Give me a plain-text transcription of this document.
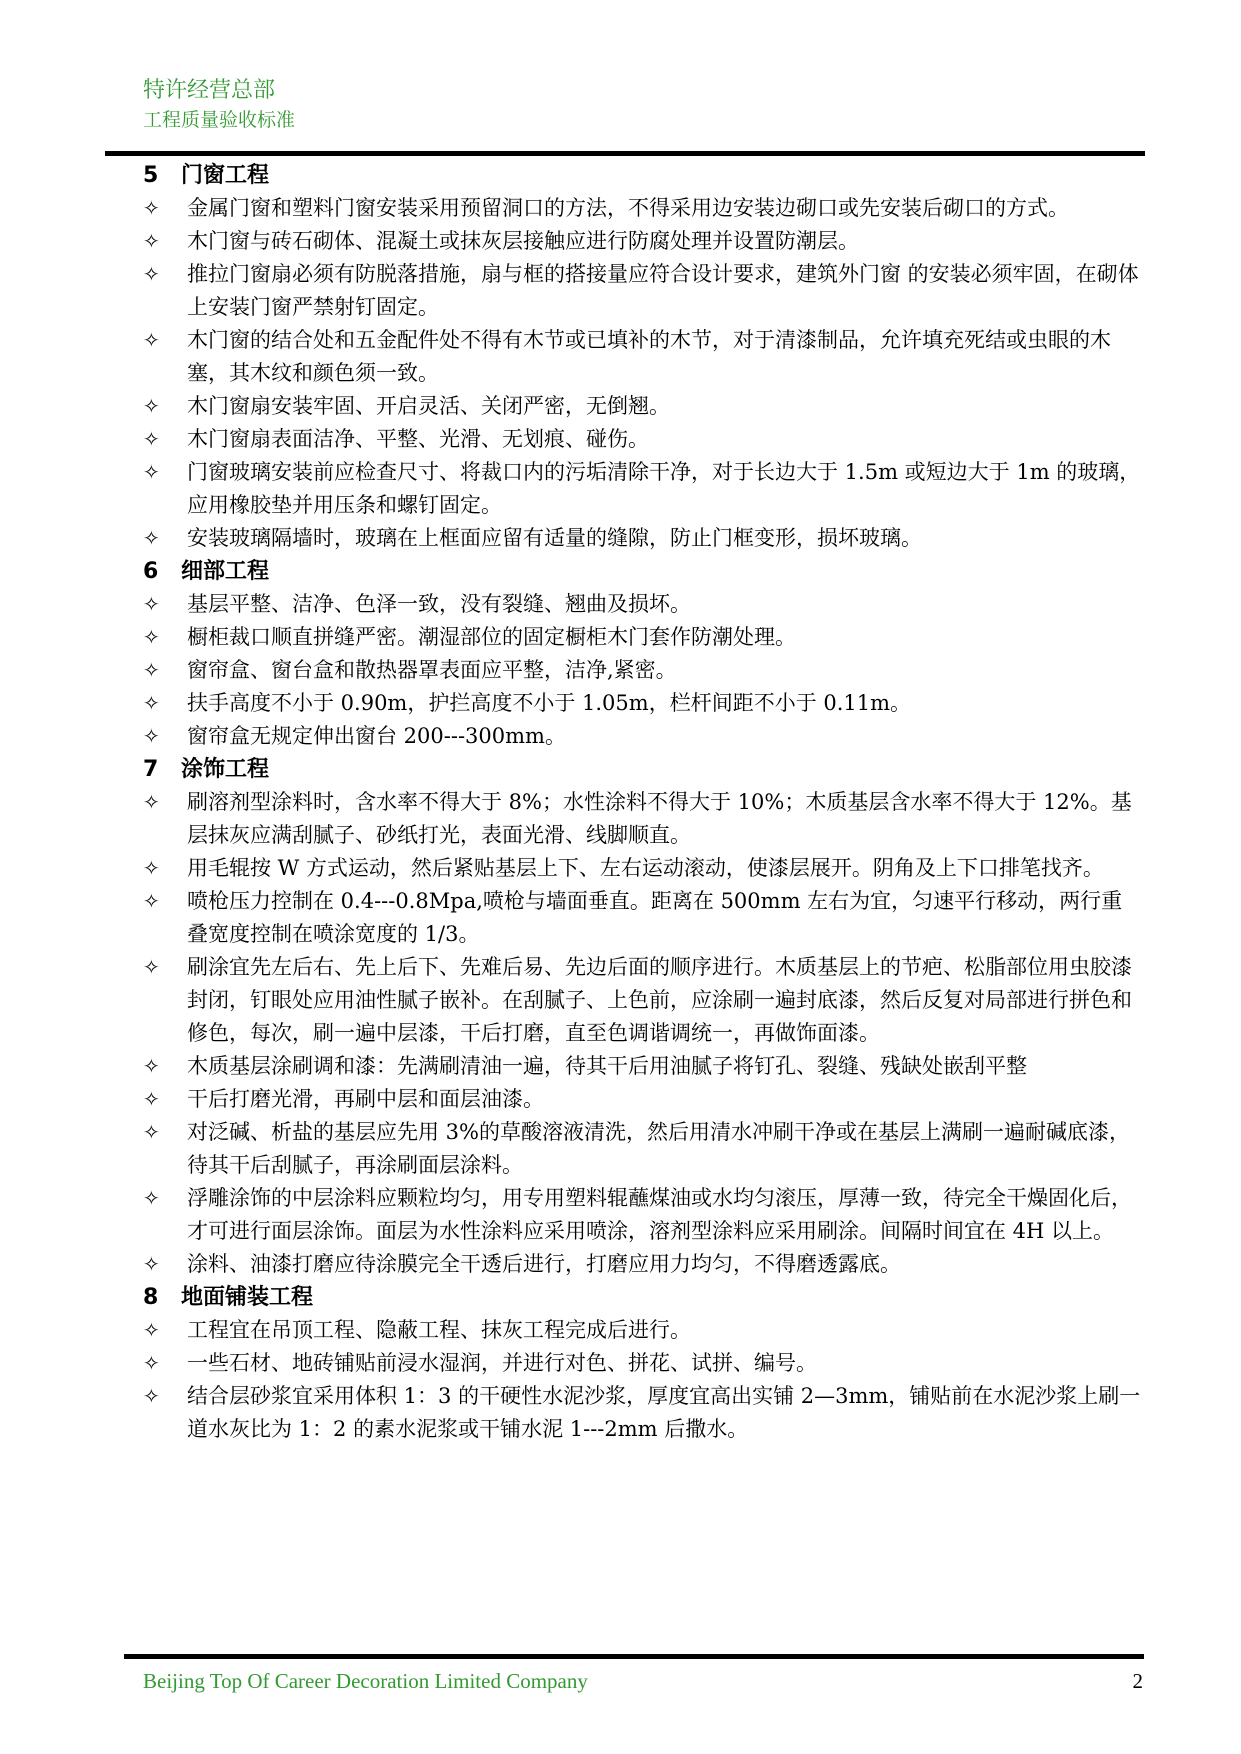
特许经营总部
工程质量验收标准
5	门窗工程
✧	金属门窗和塑料门窗安装采用预留洞口的方法，不得采用边安装边砌口或先安装后砌口的方式。
✧	木门窗与砖石砌体、混凝土或抹灰层接触应进行防腐处理并设置防潮层。
✧	推拉门窗扇必须有防脱落措施，扇与框的搭接量应符合设计要求，建筑外门窗 的安装必须牢固，在砌体上安装门窗严禁射钉固定。
✧	木门窗的结合处和五金配件处不得有木节或已填补的木节，对于清漆制品，允许填充死结或虫眼的木塞，其木纹和颜色须一致。
✧	木门窗扇安装牢固、开启灵活、关闭严密，无倒翘。
✧	木门窗扇表面洁净、平整、光滑、无划痕、碰伤。
✧	门窗玻璃安装前应检查尺寸、将裁口内的污垢清除干净，对于长边大于 1.5m 或短边大于 1m 的玻璃，应用橡胶垫并用压条和螺钉固定。
✧	安装玻璃隔墙时，玻璃在上框面应留有适量的缝隙，防止门框变形，损坏玻璃。
6	细部工程
✧	基层平整、洁净、色泽一致，没有裂缝、翘曲及损坏。
✧	橱柜裁口顺直拼缝严密。潮湿部位的固定橱柜木门套作防潮处理。
✧	窗帘盒、窗台盒和散热器罩表面应平整，洁净,紧密。
✧	扶手高度不小于 0.90m，护拦高度不小于 1.05m，栏杆间距不小于 0.11m。
✧	窗帘盒无规定伸出窗台 200---300mm。
7	涂饰工程
✧	刷溶剂型涂料时，含水率不得大于 8%；水性涂料不得大于 10%；木质基层含水率不得大于 12%。基层抹灰应满刮腻子、砂纸打光，表面光滑、线脚顺直。
✧	用毛辊按 W 方式运动，然后紧贴基层上下、左右运动滚动，使漆层展开。阴角及上下口排笔找齐。
✧	喷枪压力控制在 0.4---0.8Mpa,喷枪与墙面垂直。距离在 500mm 左右为宜，匀速平行移动，两行重叠宽度控制在喷涂宽度的 1/3。
✧	刷涂宜先左后右、先上后下、先难后易、先边后面的顺序进行。木质基层上的节疤、松脂部位用虫胶漆封闭，钉眼处应用油性腻子嵌补。在刮腻子、上色前，应涂刷一遍封底漆，然后反复对局部进行拼色和修色，每次，刷一遍中层漆，干后打磨，直至色调谐调统一，再做饰面漆。
✧	木质基层涂刷调和漆：先满刷清油一遍，待其干后用油腻子将钉孔、裂缝、残缺处嵌刮平整
✧	干后打磨光滑，再刷中层和面层油漆。
✧	对泛碱、析盐的基层应先用 3%的草酸溶液清洗，然后用清水冲刷干净或在基层上满刷一遍耐碱底漆，待其干后刮腻子，再涂刷面层涂料。
✧	浮雕涂饰的中层涂料应颗粒均匀，用专用塑料辊蘸煤油或水均匀滚压，厚薄一致，待完全干燥固化后，才可进行面层涂饰。面层为水性涂料应采用喷涂，溶剂型涂料应采用刷涂。间隔时间宜在 4H 以上。
✧	涂料、油漆打磨应待涂膜完全干透后进行，打磨应用力均匀，不得磨透露底。
8	地面铺装工程
✧	工程宜在吊顶工程、隐蔽工程、抹灰工程完成后进行。
✧	一些石材、地砖铺贴前浸水湿润，并进行对色、拼花、试拼、编号。
✧	结合层砂浆宜采用体积 1：3 的干硬性水泥沙浆，厚度宜高出实铺 2—3mm，铺贴前在水泥沙浆上刷一道水灰比为 1：2 的素水泥浆或干铺水泥 1---2mm 后撒水。
Beijing Top Of Career Decoration Limited Company	2
